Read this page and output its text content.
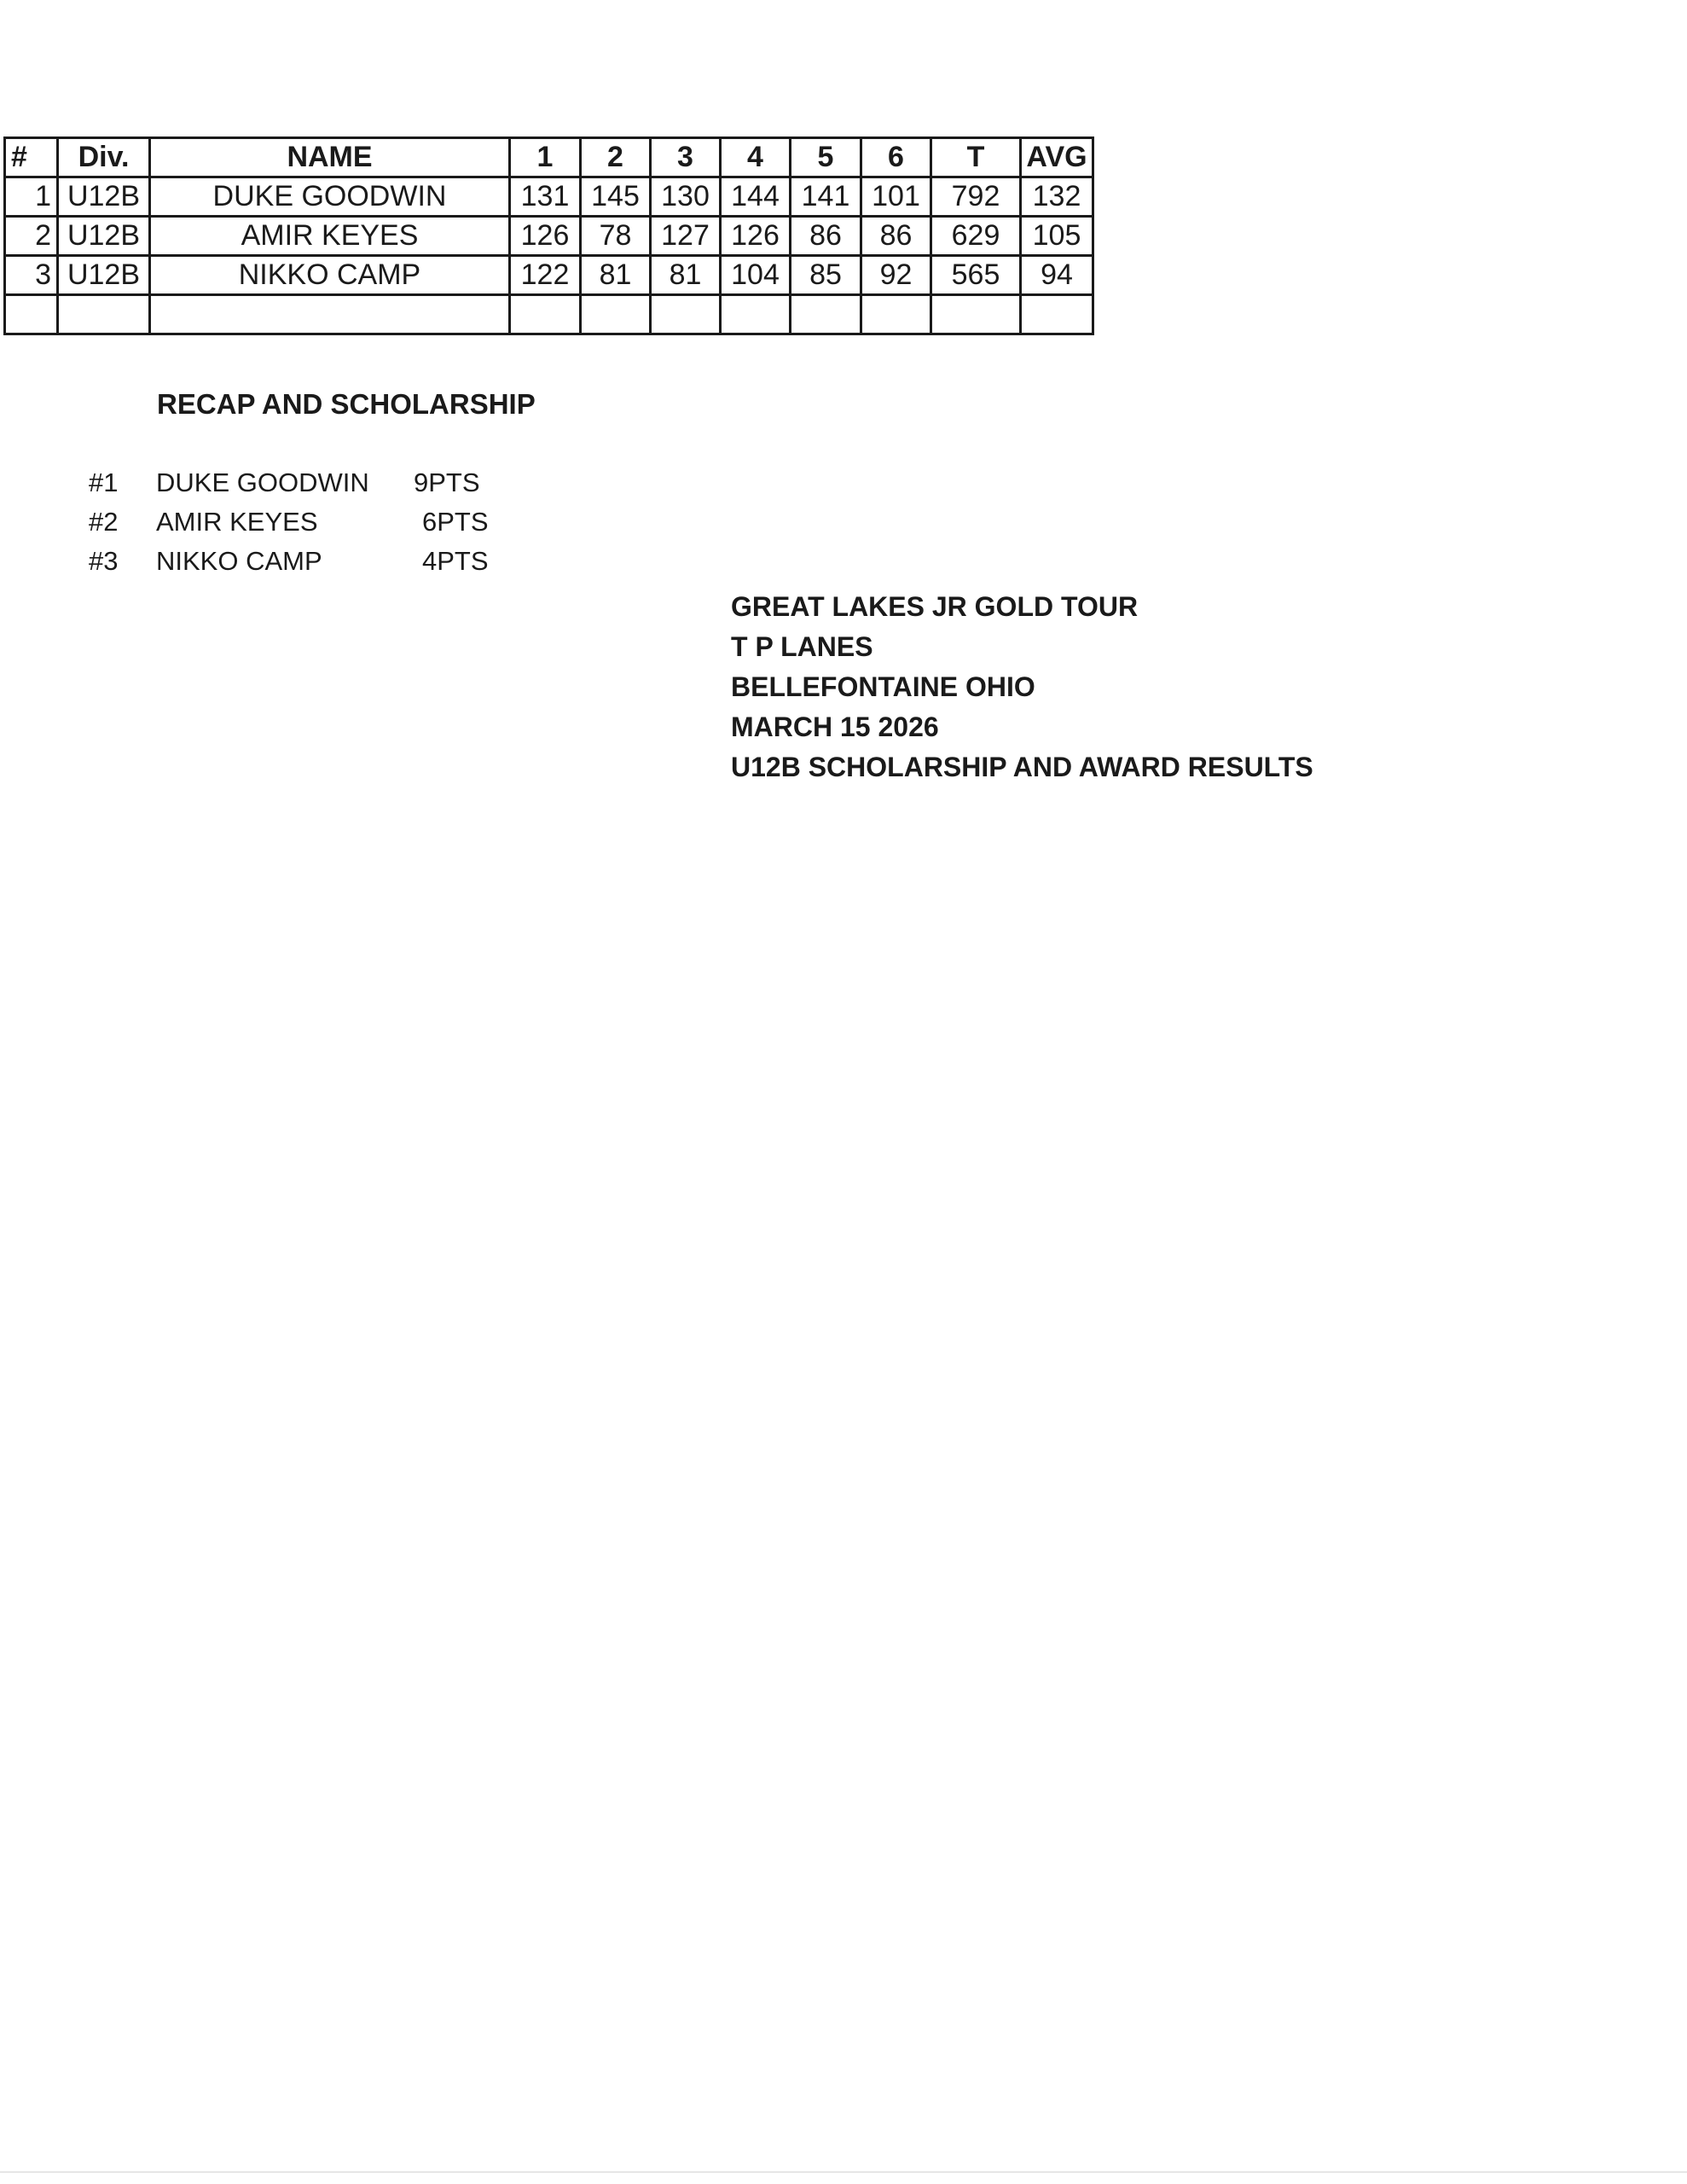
#	Div.	NAME	1	2	3	4	5	6	T	AVG
1	U12B	DUKE GOODWIN	131	145	130	144	141	101	792	132
2	U12B	AMIR KEYES	126	78	127	126	86	86	629	105
3	U12B	NIKKO CAMP	122	81	81	104	85	92	565	94

RECAP AND SCHOLARSHIP
#1 DUKE GOODWIN 9PTS
#2 AMIR KEYES	6PTS
#3 NIKKO CAMP	4PTS
GREAT LAKES JR GOLD TOUR
T P LANES
BELLEFONTAINE OHIO
MARCH 15 2026
U12B SCHOLARSHIP AND AWARD RESULTS
